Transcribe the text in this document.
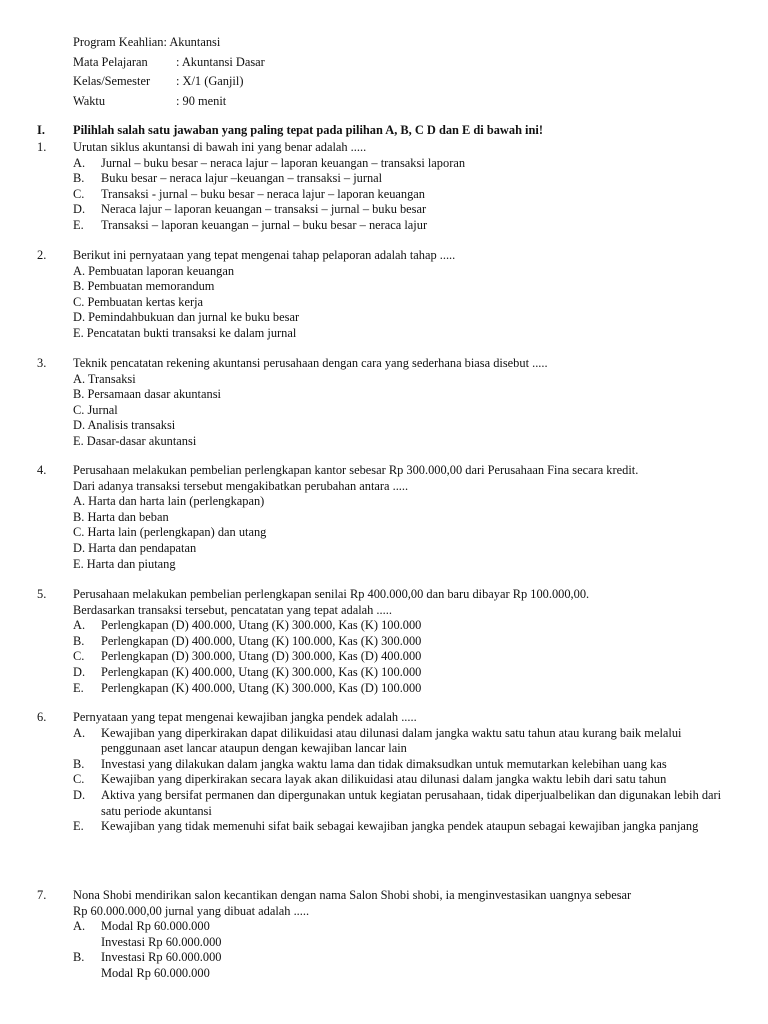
Program Keahlian: Akuntansi
Mata Pelajaran	: Akuntansi Dasar
Kelas/Semester	: X/1 (Ganjil)
Waktu	: 90 menit
I.	Pilihlah salah satu jawaban yang paling tepat pada pilihan A, B, C D dan E di bawah ini!
1.	Urutan siklus akuntansi di bawah ini yang benar adalah .....
A.	Jurnal – buku besar – neraca lajur – laporan keuangan – transaksi laporan
B.	Buku besar – neraca lajur –keuangan – transaksi – jurnal
C.	Transaksi - jurnal – buku besar – neraca lajur – laporan keuangan
D.	Neraca lajur – laporan keuangan – transaksi – jurnal – buku besar
E.	Transaksi – laporan keuangan – jurnal – buku besar – neraca lajur
2.	Berikut ini pernyataan yang tepat mengenai tahap pelaporan adalah tahap .....
A. Pembuatan laporan keuangan
B. Pembuatan memorandum
C. Pembuatan kertas kerja
D. Pemindahbukuan dan jurnal ke buku besar
E. Pencatatan bukti transaksi ke dalam jurnal
3.	Teknik pencatatan rekening akuntansi perusahaan dengan cara yang sederhana biasa disebut .....
A. Transaksi
B. Persamaan dasar akuntansi
C. Jurnal
D. Analisis transaksi
E. Dasar-dasar akuntansi
4.	Perusahaan melakukan pembelian perlengkapan kantor sebesar Rp 300.000,00 dari Perusahaan Fina secara kredit.
Dari adanya transaksi tersebut mengakibatkan perubahan antara .....
A. Harta dan harta lain (perlengkapan)
B. Harta dan beban
C. Harta lain (perlengkapan) dan utang
D. Harta dan pendapatan
E. Harta dan piutang
5.	Perusahaan melakukan pembelian perlengkapan senilai Rp 400.000,00 dan baru dibayar Rp 100.000,00.
Berdasarkan transaksi tersebut, pencatatan yang tepat adalah .....
A.	Perlengkapan (D) 400.000, Utang (K) 300.000, Kas (K) 100.000
B.	Perlengkapan (D) 400.000, Utang (K) 100.000, Kas (K) 300.000
C.	Perlengkapan (D) 300.000, Utang (D) 300.000, Kas (D) 400.000
D.	Perlengkapan (K) 400.000, Utang (K) 300.000, Kas (K) 100.000
E.	Perlengkapan (K) 400.000, Utang (K) 300.000, Kas (D) 100.000
6.	Pernyataan yang tepat mengenai kewajiban jangka pendek adalah .....
A.	Kewajiban yang diperkirakan dapat dilikuidasi atau dilunasi dalam jangka waktu satu tahun atau kurang baik melalui penggunaan aset lancar ataupun dengan kewajiban lancar lain
B.	Investasi yang dilakukan dalam jangka waktu lama dan tidak dimaksudkan untuk memutarkan kelebihan uang kas
C.	Kewajiban yang diperkirakan secara layak akan dilikuidasi atau dilunasi dalam jangka waktu lebih dari satu tahun
D.	Aktiva yang bersifat permanen dan dipergunakan untuk kegiatan perusahaan, tidak diperjualbelikan dan digunakan lebih dari satu periode akuntansi
E.	Kewajiban yang tidak memenuhi sifat baik sebagai kewajiban jangka pendek ataupun sebagai kewajiban jangka panjang
7.	Nona Shobi mendirikan salon kecantikan dengan nama Salon Shobi shobi, ia menginvestasikan uangnya sebesar
Rp 60.000.000,00 jurnal yang dibuat adalah .....
A.	Modal Rp 60.000.000
Investasi Rp 60.000.000
B.	Investasi Rp 60.000.000
Modal Rp 60.000.000
